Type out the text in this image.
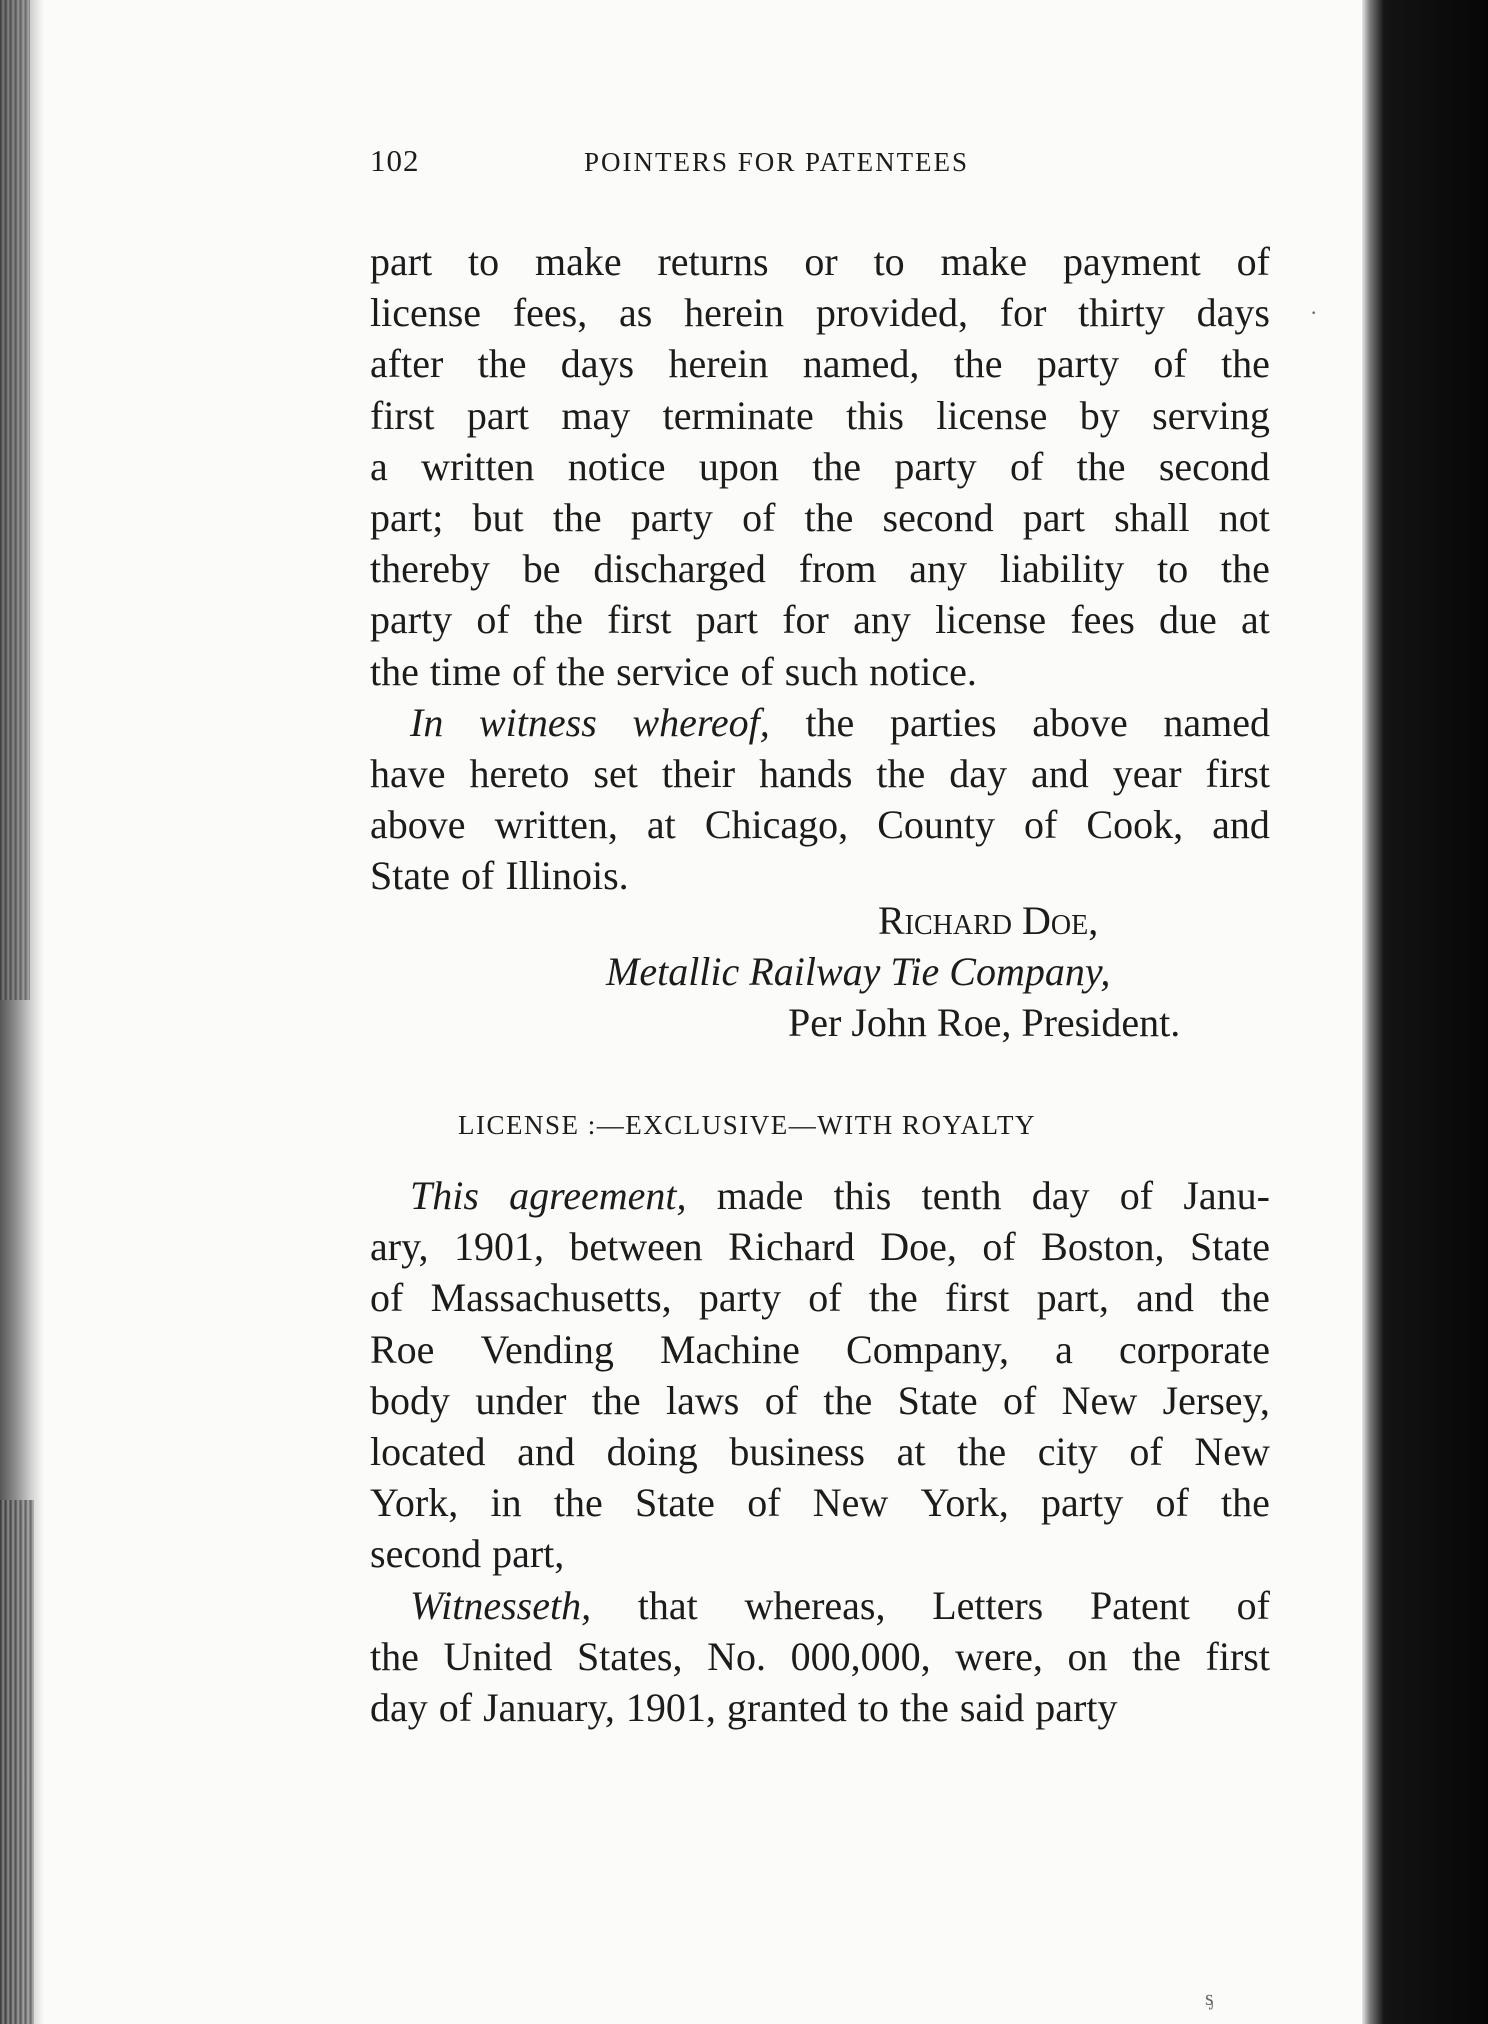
102	POINTERS FOR PATENTEES
part to make returns or to make payment of
license fees, as herein provided, for thirty days
after the days herein named, the party of the
first part may terminate this license by serving
a written notice upon the party of the second
part; but the party of the second part shall not
thereby be discharged from any liability to the
party of the first part for any license fees due at
the time of the service of such notice.
In witness whereof, the parties above named
have hereto set their hands the day and year first
above written, at Chicago, County of Cook, and
State of Illinois.
Richard Doe,
Metallic Railway Tie Company,
Per John Roe, President.
LICENSE :—EXCLUSIVE—WITH ROYALTY
This agreement, made this tenth day of Janu-
ary, 1901, between Richard Doe, of Boston, State
of Massachusetts, party of the first part, and the
Roe Vending Machine Company, a corporate
body under the laws of the State of New Jersey,
located and doing business at the city of New
York, in the State of New York, party of the
second part,
Witnesseth, that whereas, Letters Patent of
the United States, No. 000,000, were, on the first
day of January, 1901, granted to the said party
·
ᶊ
